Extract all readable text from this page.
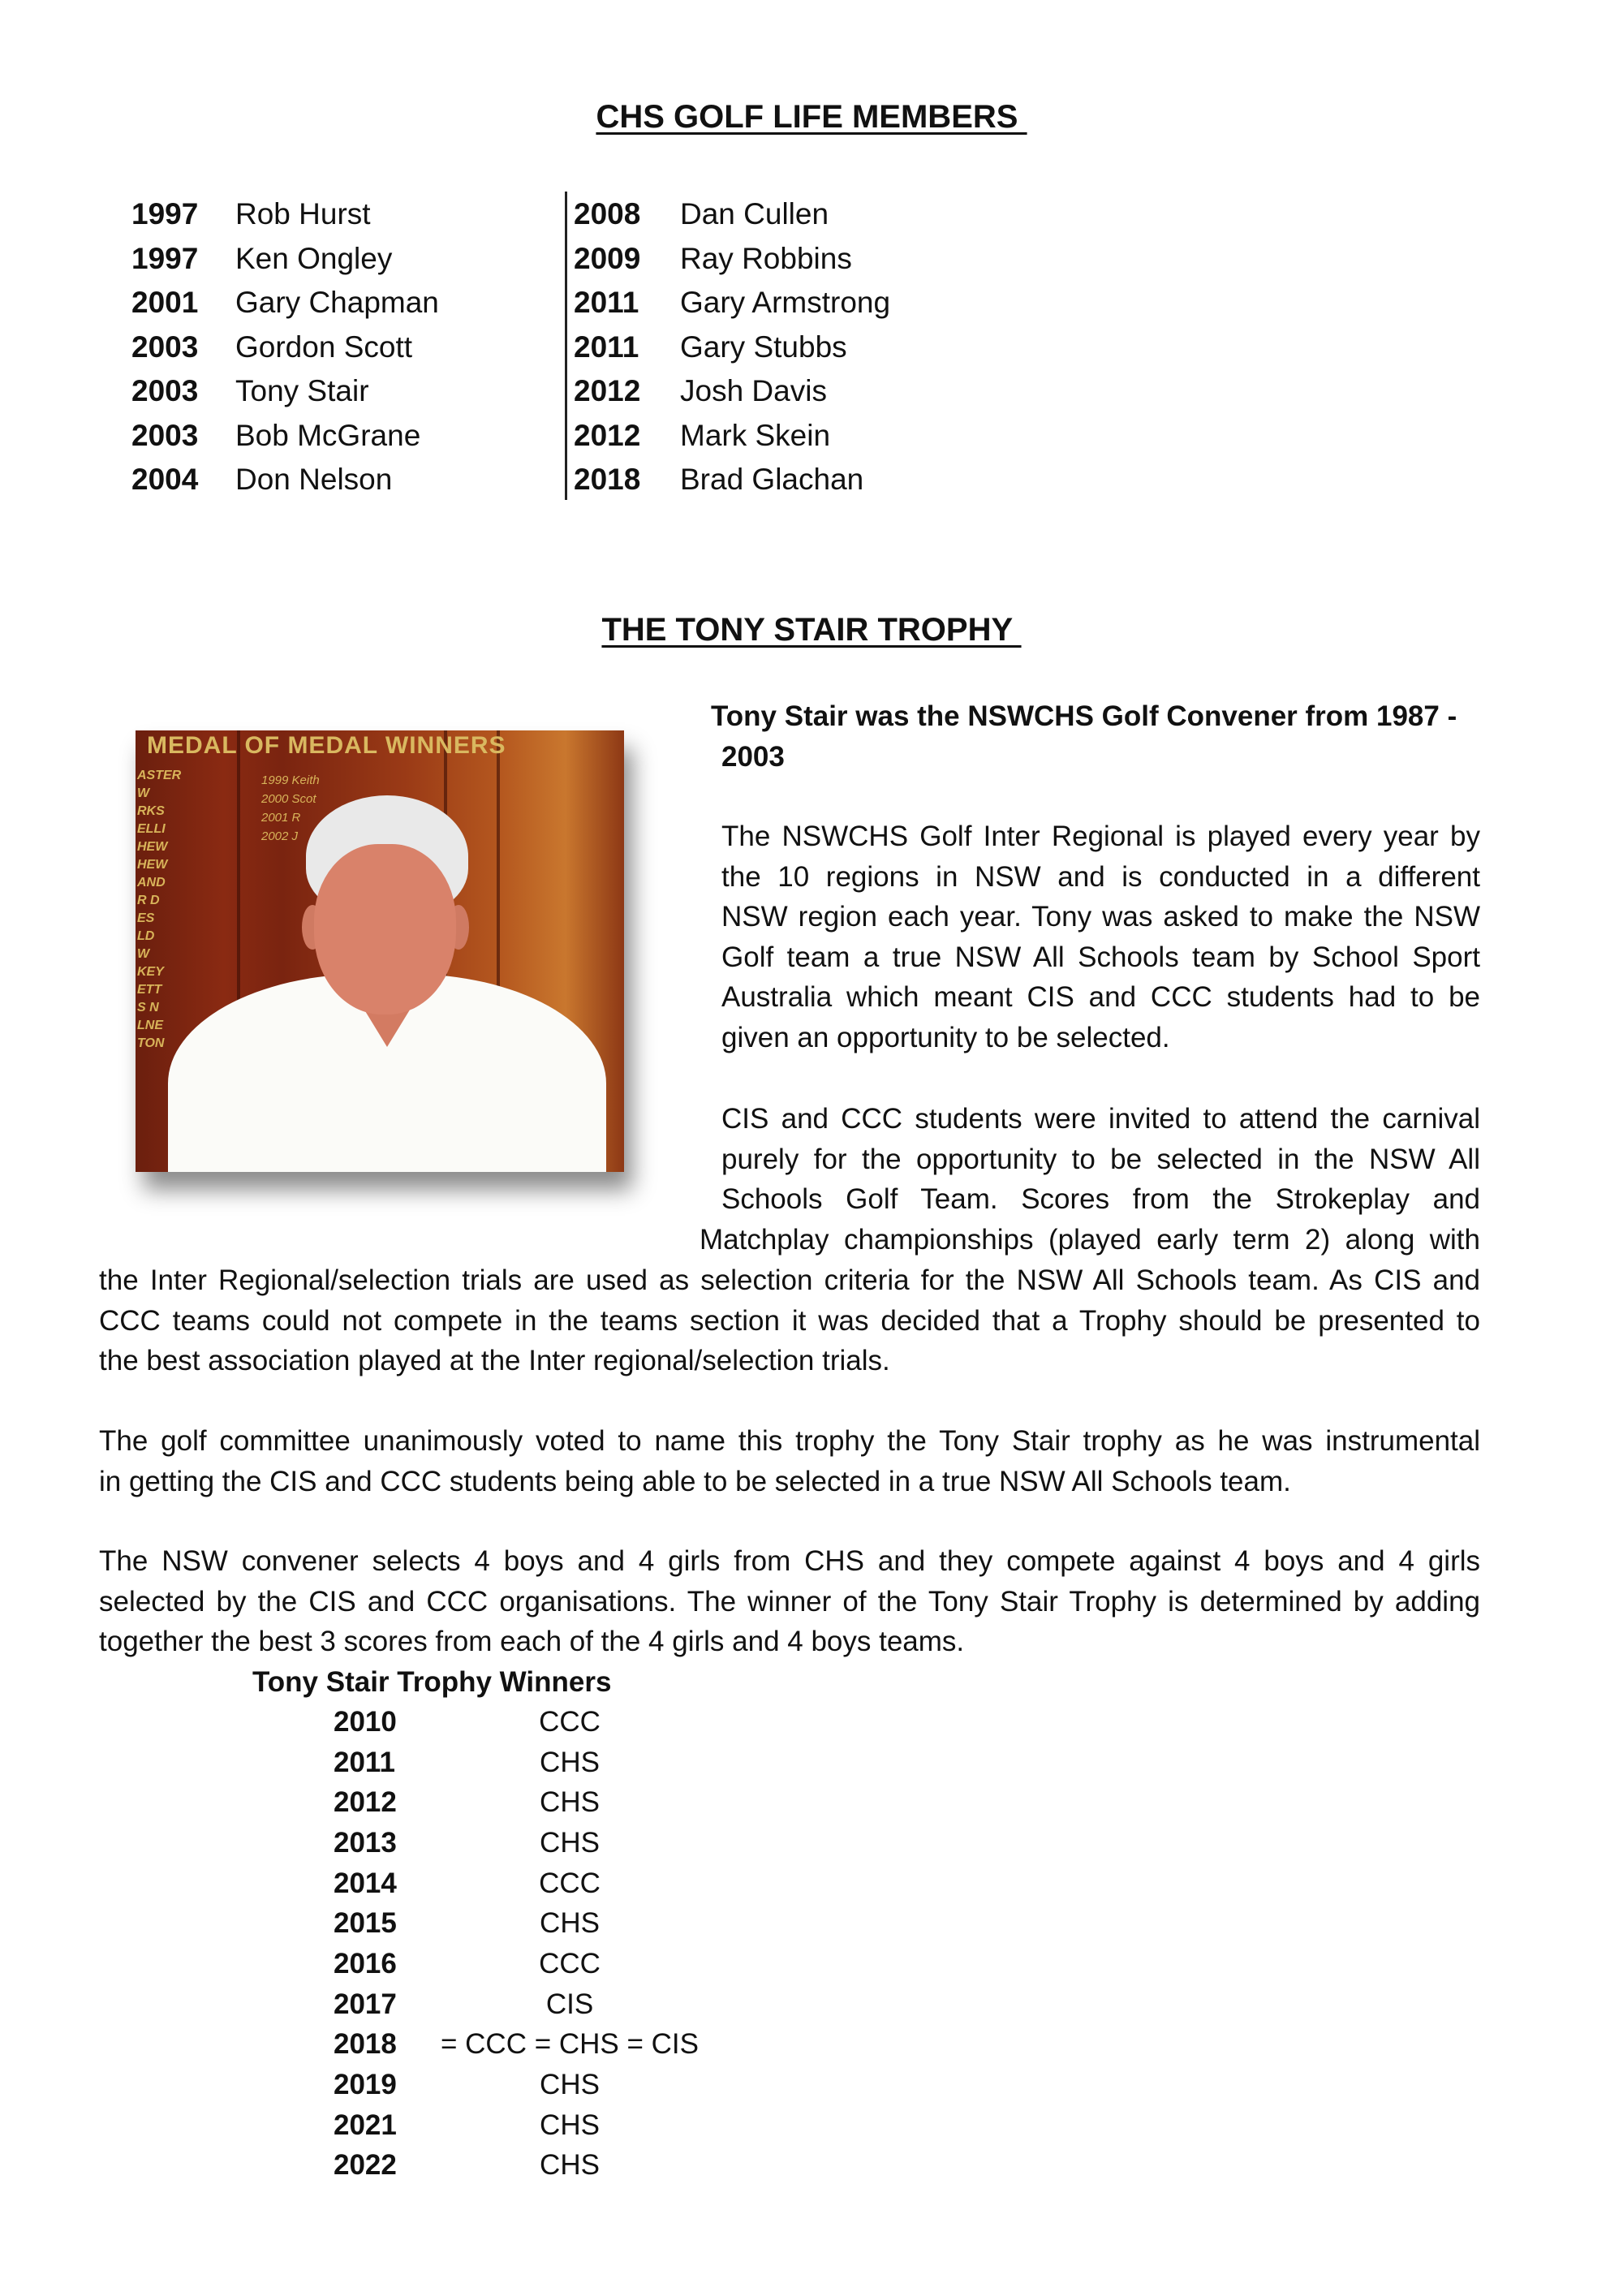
CHS GOLF LIFE MEMBERS
1997 Rob Hurst
1997 Ken Ongley
2001 Gary Chapman
2003 Gordon Scott
2003 Tony Stair
2003 Bob McGrane
2004 Don Nelson
2008 Dan Cullen
2009 Ray Robbins
2011 Gary Armstrong
2011 Gary Stubbs
2012 Josh Davis
2012 Mark Skein
2018 Brad Glachan
THE TONY STAIR TROPHY
MEDAL OF MEDAL WINNERS
ASTER W RKS ELLI HEW HEW AND R D ES LD W KEY ETT S N LNE TON
1999 Keith
2000 Scot
2001 R
2002 J
Tony Stair was the NSWCHS Golf Convener from 1987 -
2003
The NSWCHS Golf Inter Regional is played every year by
the 10 regions in NSW and is conducted in a different
NSW region each year. Tony was asked to make the NSW
Golf team a true NSW All Schools team by School Sport
Australia which meant CIS and CCC students had to be
given an opportunity to be selected.
CIS and CCC students were invited to attend the carnival
purely for the opportunity to be selected in the NSW All
Schools Golf Team. Scores from the Strokeplay and
Matchplay championships (played early term 2) along with
the Inter Regional/selection trials are used as selection criteria for the NSW All Schools team. As CIS and
CCC teams could not compete in the teams section it was decided that a Trophy should be presented to
the best association played at the Inter regional/selection trials.
The golf committee unanimously voted to name this trophy the Tony Stair trophy as he was instrumental
in getting the CIS and CCC students being able to be selected in a true NSW All Schools team.
The NSW convener selects 4 boys and 4 girls from CHS and they compete against 4 boys and 4 girls
selected by the CIS and CCC organisations. The winner of the Tony Stair Trophy is determined by adding
together the best 3 scores from each of the 4 girls and 4 boys teams.
Tony Stair Trophy Winners
2010	CCC
2011	CHS
2012	CHS
2013	CHS
2014	CCC
2015	CHS
2016	CCC
2017	CIS
2018	= CCC = CHS = CIS
2019	CHS
2021	CHS
2022	CHS
